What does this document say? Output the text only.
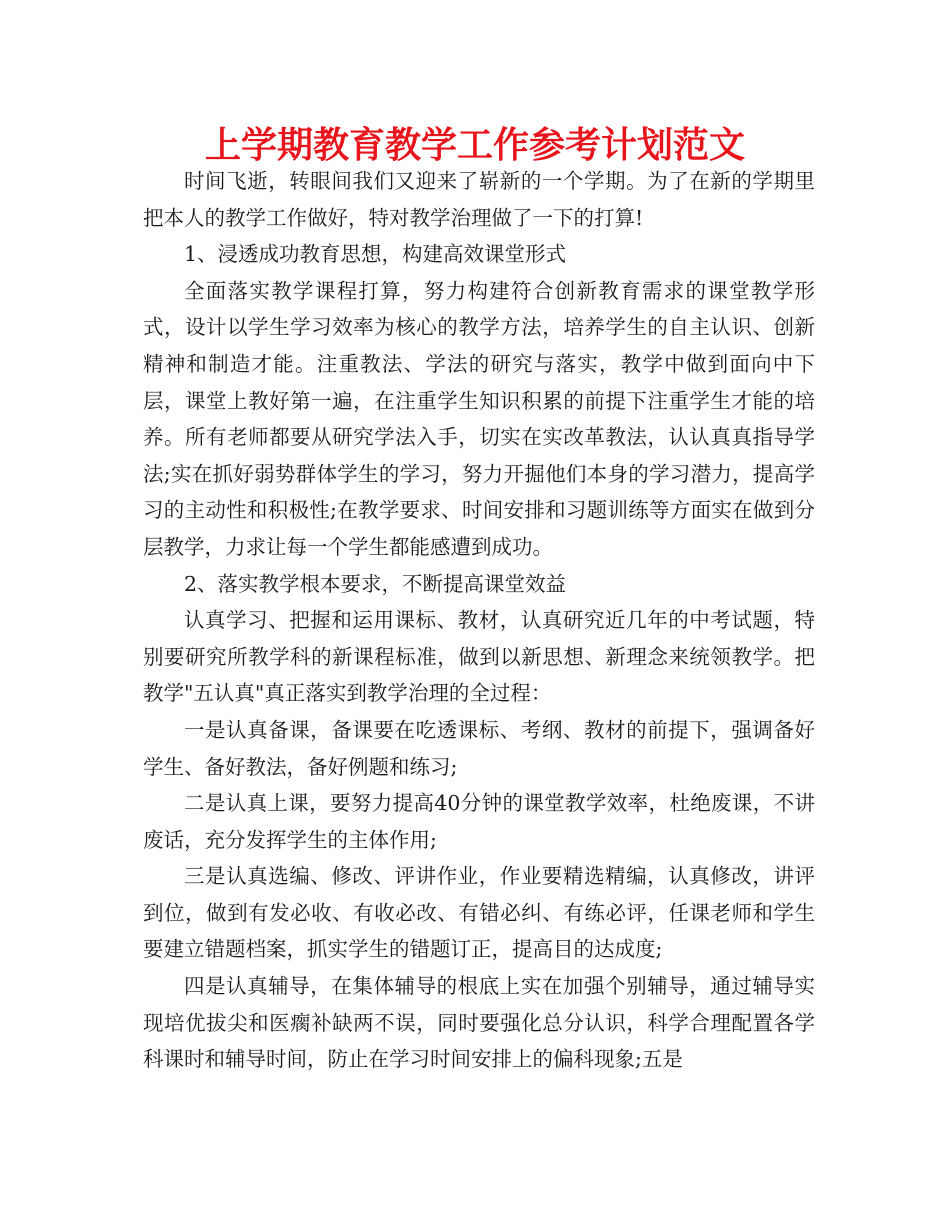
上学期教育教学工作参考计划范文

时间飞逝，转眼间我们又迎来了崭新的一个学期。为了在新的学期里把本人的教学工作做好，特对教学治理做了一下的打算!

1、浸透成功教育思想，构建高效课堂形式

全面落实教学课程打算，努力构建符合创新教育需求的课堂教学形式，设计以学生学习效率为核心的教学方法，培养学生的自主认识、创新精神和制造才能。注重教法、学法的研究与落实，教学中做到面向中下层，课堂上教好第一遍，在注重学生知识积累的前提下注重学生才能的培养。所有老师都要从研究学法入手，切实在实改革教法，认认真真指导学法;实在抓好弱势群体学生的学习，努力开掘他们本身的学习潜力，提高学习的主动性和积极性;在教学要求、时间安排和习题训练等方面实在做到分层教学，力求让每一个学生都能感遭到成功。

2、落实教学根本要求，不断提高课堂效益

认真学习、把握和运用课标、教材，认真研究近几年的中考试题，特别要研究所教学科的新课程标准，做到以新思想、新理念来统领教学。把教学"五认真"真正落实到教学治理的全过程：

一是认真备课，备课要在吃透课标、考纲、教材的前提下，强调备好学生、备好教法，备好例题和练习;

二是认真上课，要努力提高40分钟的课堂教学效率，杜绝废课，不讲废话，充分发挥学生的主体作用;

三是认真选编、修改、评讲作业，作业要精选精编，认真修改，讲评到位，做到有发必收、有收必改、有错必纠、有练必评，任课老师和学生要建立错题档案，抓实学生的错题订正，提高目的达成度;

四是认真辅导，在集体辅导的根底上实在加强个别辅导，通过辅导实现培优拔尖和医瘸补缺两不误，同时要强化总分认识，科学合理配置各学科课时和辅导时间，防止在学习时间安排上的偏科现象;五是
